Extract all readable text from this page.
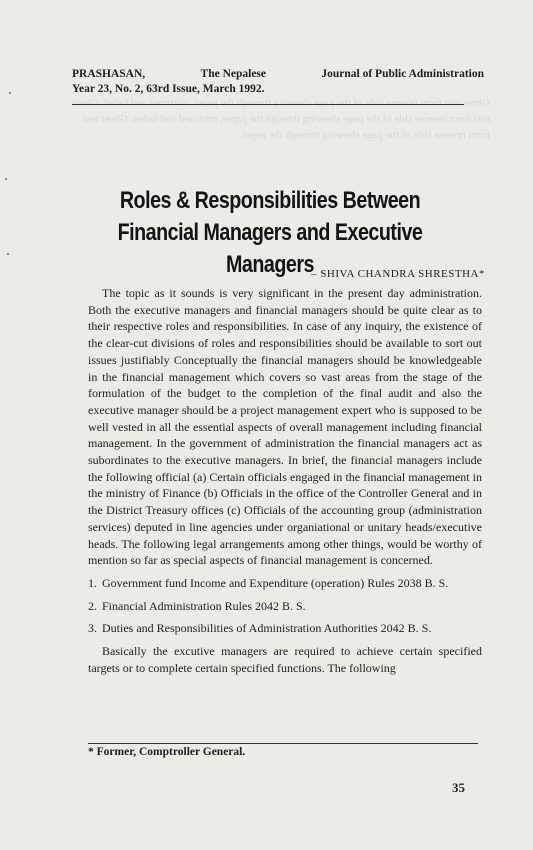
Ghost text from reverse side of the page showing through the paper, mirrored and faded. Ghost text from reverse side of the page showing through the paper, mirrored and faded. Ghost text from reverse side of the page showing through the paper.
PRASHASAN,	The Nepalese	Journal of Public Administration
Year 23, No. 2, 63rd Issue, March 1992.
Roles & Responsibilities Between Financial Managers and Executive Managers
– SHIVA CHANDRA SHRESTHA*

The topic as it sounds is very significant in the present day administration. Both the executive managers and financial managers should be quite clear as to their respective roles and responsibilities. In case of any inquiry, the existence of the clear-cut divisions of roles and responsibilities should be available to sort out issues justifiably Conceptually the financial managers should be knowledgeable in the financial management which covers so vast areas from the stage of the formulation of the budget to the completion of the final audit and also the executive manager should be a project management expert who is supposed to be well vested in all the essential aspects of overall management including financial management. In the government of administration the financial managers act as subordinates to the executive managers. In brief, the financial managers include the following official (a) Certain officials engaged in the financial management in the ministry of Finance (b) Officials in the office of the Controller General and in the District Treasury offices (c) Officials of the accounting group (administration services) deputed in line agencies under organiational or unitary heads/executive heads. The following legal arrangements among other things, would be worthy of mention so far as special aspects of financial management is concerned.

1. Government fund Income and Expenditure (operation) Rules 2038 B. S.
2. Financial Administration Rules 2042 B. S.
3. Duties and Responsibilities of Administration Authorities 2042 B. S.

Basically the excutive managers are required to achieve certain specified targets or to complete certain specified functions. The following

* Former, Comptroller General.
35
